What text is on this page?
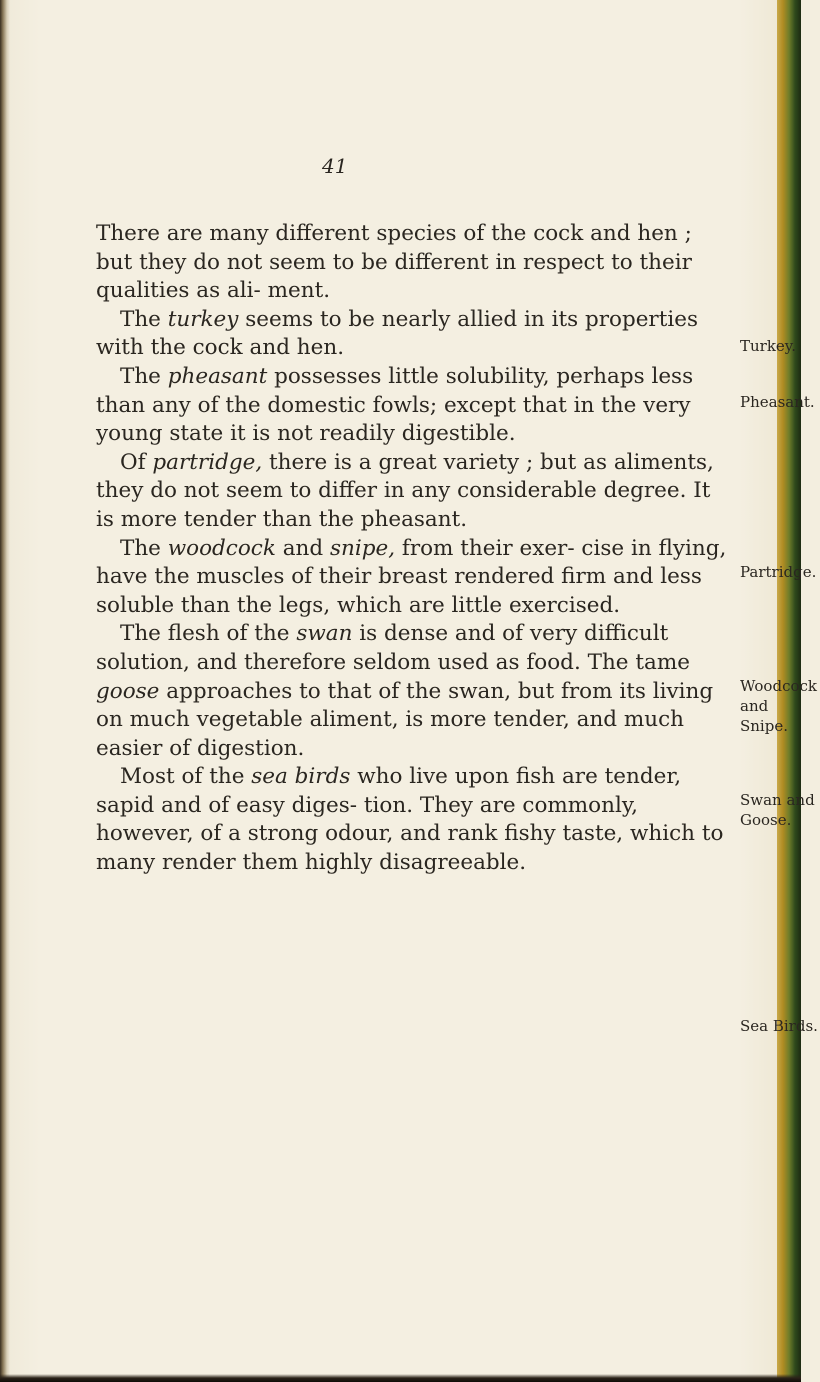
41

There are many different species of the cock and hen ; but they do not seem to be different in respect to their qualities as ali- ment.

The turkey seems to be nearly allied in its properties with the cock and hen.

The pheasant possesses little solubility, perhaps less than any of the domestic fowls; except that in the very young state it is not readily digestible.

Of partridge, there is a great variety ; but as aliments, they do not seem to differ in any considerable degree. It is more tender than the pheasant.

The woodcock and snipe, from their exer- cise in flying, have the muscles of their breast rendered firm and less soluble than the legs, which are little exercised.

The flesh of the swan is dense and of very difficult solution, and therefore seldom used as food. The tame goose approaches to that of the swan, but from its living on much vegetable aliment, is more tender, and much easier of digestion.

Most of the sea birds who live upon fish are tender, sapid and of easy diges- tion. They are commonly, however, of a strong odour, and rank fishy taste, which to many render them highly disagreeable.

Turkey.
Pheasant.
Partridge.
Woodcock
and Snipe.
Swan and
Goose.
Sea Birds.
